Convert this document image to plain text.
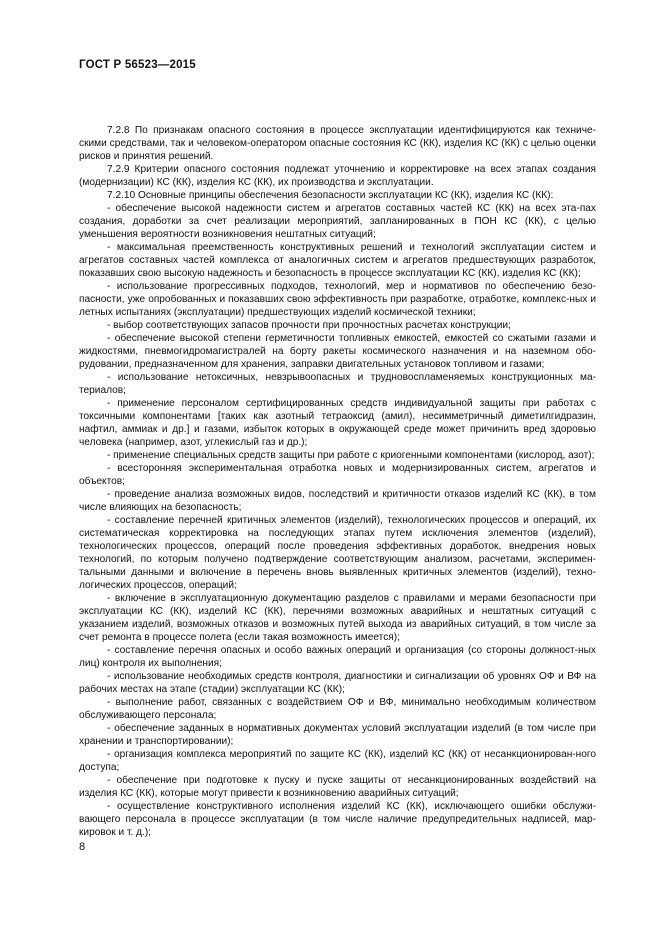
ГОСТ Р 56523—2015

7.2.8 По признакам опасного состояния в процессе эксплуатации идентифицируются как техниче-скими средствами, так и человеком-оператором опасные состояния КС (КК), изделия КС (КК) с целью оценки рисков и принятия решений.

7.2.9 Критерии опасного состояния подлежат уточнению и корректировке на всех этапах создания (модернизации) КС (КК), изделия КС (КК), их производства и эксплуатации.

7.2.10 Основные принципы обеспечения безопасности эксплуатации КС (КК), изделия КС (КК):

- обеспечение высокой надежности систем и агрегатов составных частей КС (КК) на всех эта-пах создания, доработки за счет реализации мероприятий, запланированных в ПОН КС (КК), с целью уменьшения вероятности возникновения нештатных ситуаций;

- максимальная преемственность конструктивных решений и технологий эксплуатации систем и агрегатов составных частей комплекса от аналогичных систем и агрегатов предшествующих разработок, показавших свою высокую надежность и безопасность в процессе эксплуатации КС (КК), изделия КС (КК);

- использование прогрессивных подходов, технологий, мер и нормативов по обеспечению безо-пасности, уже опробованных и показавших свою эффективность при разработке, отработке, комплекс-ных и летных испытаниях (эксплуатации) предшествующих изделий космической техники;

- выбор соответствующих запасов прочности при прочностных расчетах конструкции;

- обеспечение высокой степени герметичности топливных емкостей, емкостей со сжатыми газами и жидкостями, пневмогидромагистралей на борту ракеты космического назначения и на наземном обо-рудовании, предназначенном для хранения, заправки двигательных установок топливом и газами;

- использование нетоксичных, невзрывоопасных и трудновоспламеняемых конструкционных ма-териалов;

- применение персоналом сертифицированных средств индивидуальной защиты при работах с токсичными компонентами [таких как азотный тетраоксид (амил), несимметричный диметилгидразин, нафтил, аммиак и др.] и газами, избыток которых в окружающей среде может причинить вред здоровью человека (например, азот, углекислый газ и др.);

- применение специальных средств защиты при работе с криогенными компонентами (кислород, азот);

- всесторонняя экспериментальная отработка новых и модернизированных систем, агрегатов и объектов;

- проведение анализа возможных видов, последствий и критичности отказов изделий КС (КК), в том числе влияющих на безопасность;

- составление перечней критичных элементов (изделий), технологических процессов и операций, их систематическая корректировка на последующих этапах путем исключения элементов (изделий), технологических процессов, операций после проведения эффективных доработок, внедрения новых технологий, по которым получено подтверждение соответствующим анализом, расчетами, эксперимен-тальными данными и включение в перечень вновь выявленных критичных элементов (изделий), техно-логических процессов, операций;

- включение в эксплуатационную документацию разделов с правилами и мерами безопасности при эксплуатации КС (КК), изделий КС (КК), перечнями возможных аварийных и нештатных ситуаций с указанием изделий, возможных отказов и возможных путей выхода из аварийных ситуаций, в том числе за счет ремонта в процессе полета (если такая возможность имеется);

- составление перечня опасных и особо важных операций и организация (со стороны должност-ных лиц) контроля их выполнения;

- использование необходимых средств контроля, диагностики и сигнализации об уровнях ОФ и ВФ на рабочих местах на этапе (стадии) эксплуатации КС (КК);

- выполнение работ, связанных с воздействием ОФ и ВФ, минимально необходимым количеством обслуживающего персонала;

- обеспечение заданных в нормативных документах условий эксплуатации изделий (в том числе при хранении и транспортировании);

- организация комплекса мероприятий по защите КС (КК), изделий КС (КК) от несанкционирован-ного доступа;

- обеспечение при подготовке к пуску и пуске защиты от несанкционированных воздействий на изделия КС (КК), которые могут привести к возникновению аварийных ситуаций;

- осуществление конструктивного исполнения изделий КС (КК), исключающего ошибки обслужи-вающего персонала в процессе эксплуатации (в том числе наличие предупредительных надписей, мар-кировок и т. д.);

8
